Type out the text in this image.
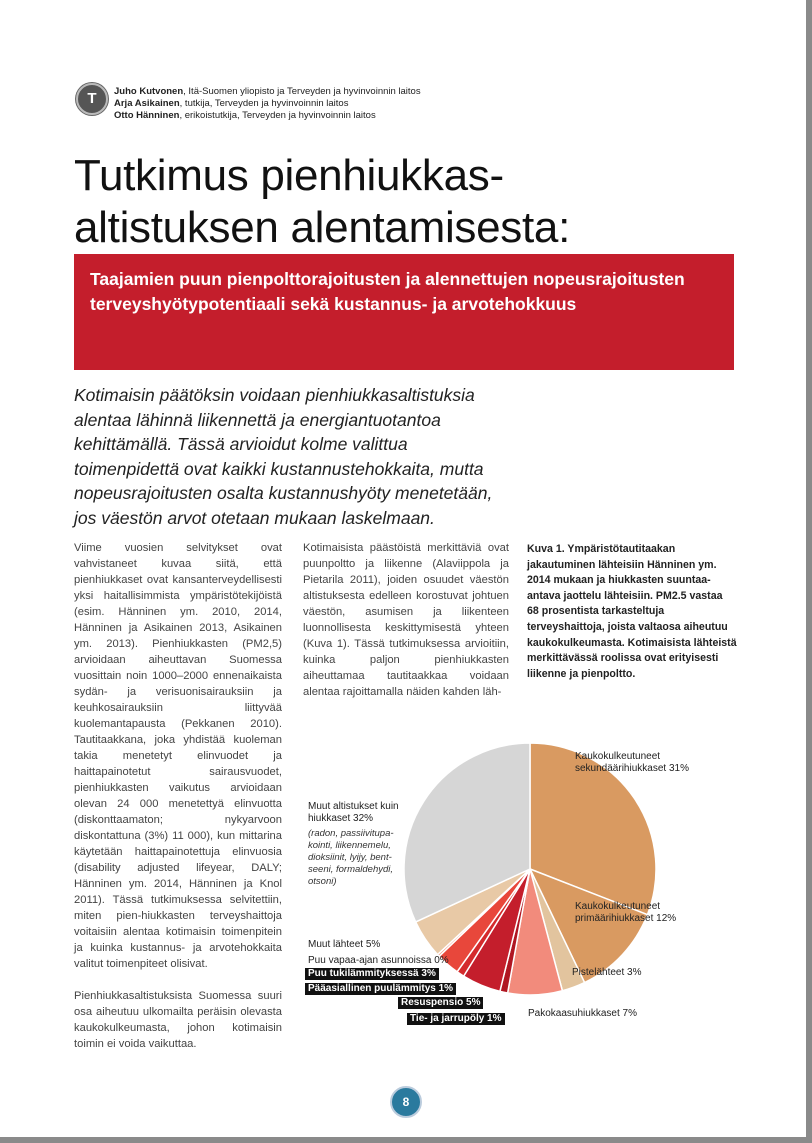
T	Juho Kutvonen, Itä-Suomen yliopisto ja Terveyden ja hyvinvoinnin laitos
Arja Asikainen, tutkija, Terveyden ja hyvinvoinnin laitos
Otto Hänninen, erikoistutkija, Terveyden ja hyvinvoinnin laitos
Tutkimus pienhiukkas-
altistuksen alentamisesta:
Taajamien puun pienpolttorajoitusten ja alennettujen nopeusrajoitusten terveyshyötypotentiaali sekä kustannus- ja arvotehokkuus
Kotimaisin päätöksin voidaan pienhiukkasaltistuksia alentaa lähinnä liikennettä ja energiantuotantoa kehittämällä. Tässä arvioidut kolme valittua toimenpidettä ovat kaikki kustannustehokkaita, mutta nopeusrajoitusten osalta kustannushyöty menetetään, jos väestön arvot otetaan mukaan laskelmaan.

Viime vuosien selvitykset ovat vahvistaneet kuvaa siitä, että pienhiukkaset ovat kansanterveydellisesti yksi haitallisimmista ympäristötekijöistä (esim. Hänninen ym. 2010, 2014, Hänninen ja Asikainen 2013, Asikainen ym. 2013). Pienhiukkasten (PM2,5) arvioidaan aiheuttavan Suomessa vuosittain noin 1000–2000 ennenaikaista sydän- ja verisuonisairauksiin ja keuhkosairauksiin liittyvää kuolemantapausta (Pekkanen 2010). Tautitaakkana, joka yhdistää kuoleman takia menetetyt elinvuodet ja haittapainotetut sairausvuodet, pienhiukkasten vaikutus arvioidaan olevan 24 000 menetettyä elinvuotta (diskonttaamaton; nykyarvoon diskontattuna (3%) 11 000), kun mittarina käytetään haittapainotettuja elinvuosia (disability adjusted lifeyear, DALY; Hänninen ym. 2014, Hänninen ja Knol 2011). Tässä tutkimuksessa selvitettiin, miten pien-hiukkasten terveyshaittoja voitaisiin alentaa kotimaisin toimenpitein ja kuinka kustannus- ja arvotehokkaita valitut toimenpiteet olisivat.

Pienhiukkasaltistuksista Suomessa suuri osa aiheutuu ulkomailta peräisin olevasta kaukokulkeumasta, johon kotimaisin toimin ei voida vaikuttaa.

Kotimaisista päästöistä merkittäviä ovat puunpoltto ja liikenne (Alaviippola ja Pietarila 2011), joiden osuudet väestön altistuksesta edelleen korostuvat johtuen väestön, asumisen ja liikenteen luonnollisesta keskittymisestä yhteen (Kuva 1). Tässä tutkimuksessa arvioitiin, kuinka paljon pienhiukkasten aiheuttamaa tautitaakkaa voidaan alentaa rajoittamalla näiden kahden läh-

Kuva 1. Ympäristötautitaakan jakautuminen lähteisiin Hänninen ym. 2014 mukaan ja hiukkasten suuntaa-antava jaottelu lähteisiin. PM2.5 vastaa 68 prosentista tarkasteltuja terveyshaittoja, joista valtaosa aiheutuu kaukokulkeumasta. Kotimaisista lähteistä merkittävässä roolissa ovat erityisesti liikenne ja pienpoltto.
Kaukokulkeutuneet
sekundäärihiukkaset 31%
Kaukokulkeutuneet
primäärihiukkaset 12%
Pistelähteet 3%
Pakokaasuhiukkaset 7%
Tie- ja jarrupöly 1%
Resuspensio 5%
Pääasiallinen puulämmitys 1%
Puu tukilämmityksessä 3%
Puu vapaa-ajan asunnoissa 0%
Muut lähteet 5%
Muut altistukset kuin
hiukkaset 32%
(radon, passiivitupa-
kointi, liikennemelu,
dioksiinit, lyijy, bent-
seeni, formaldehydi,
otsoni)
8
